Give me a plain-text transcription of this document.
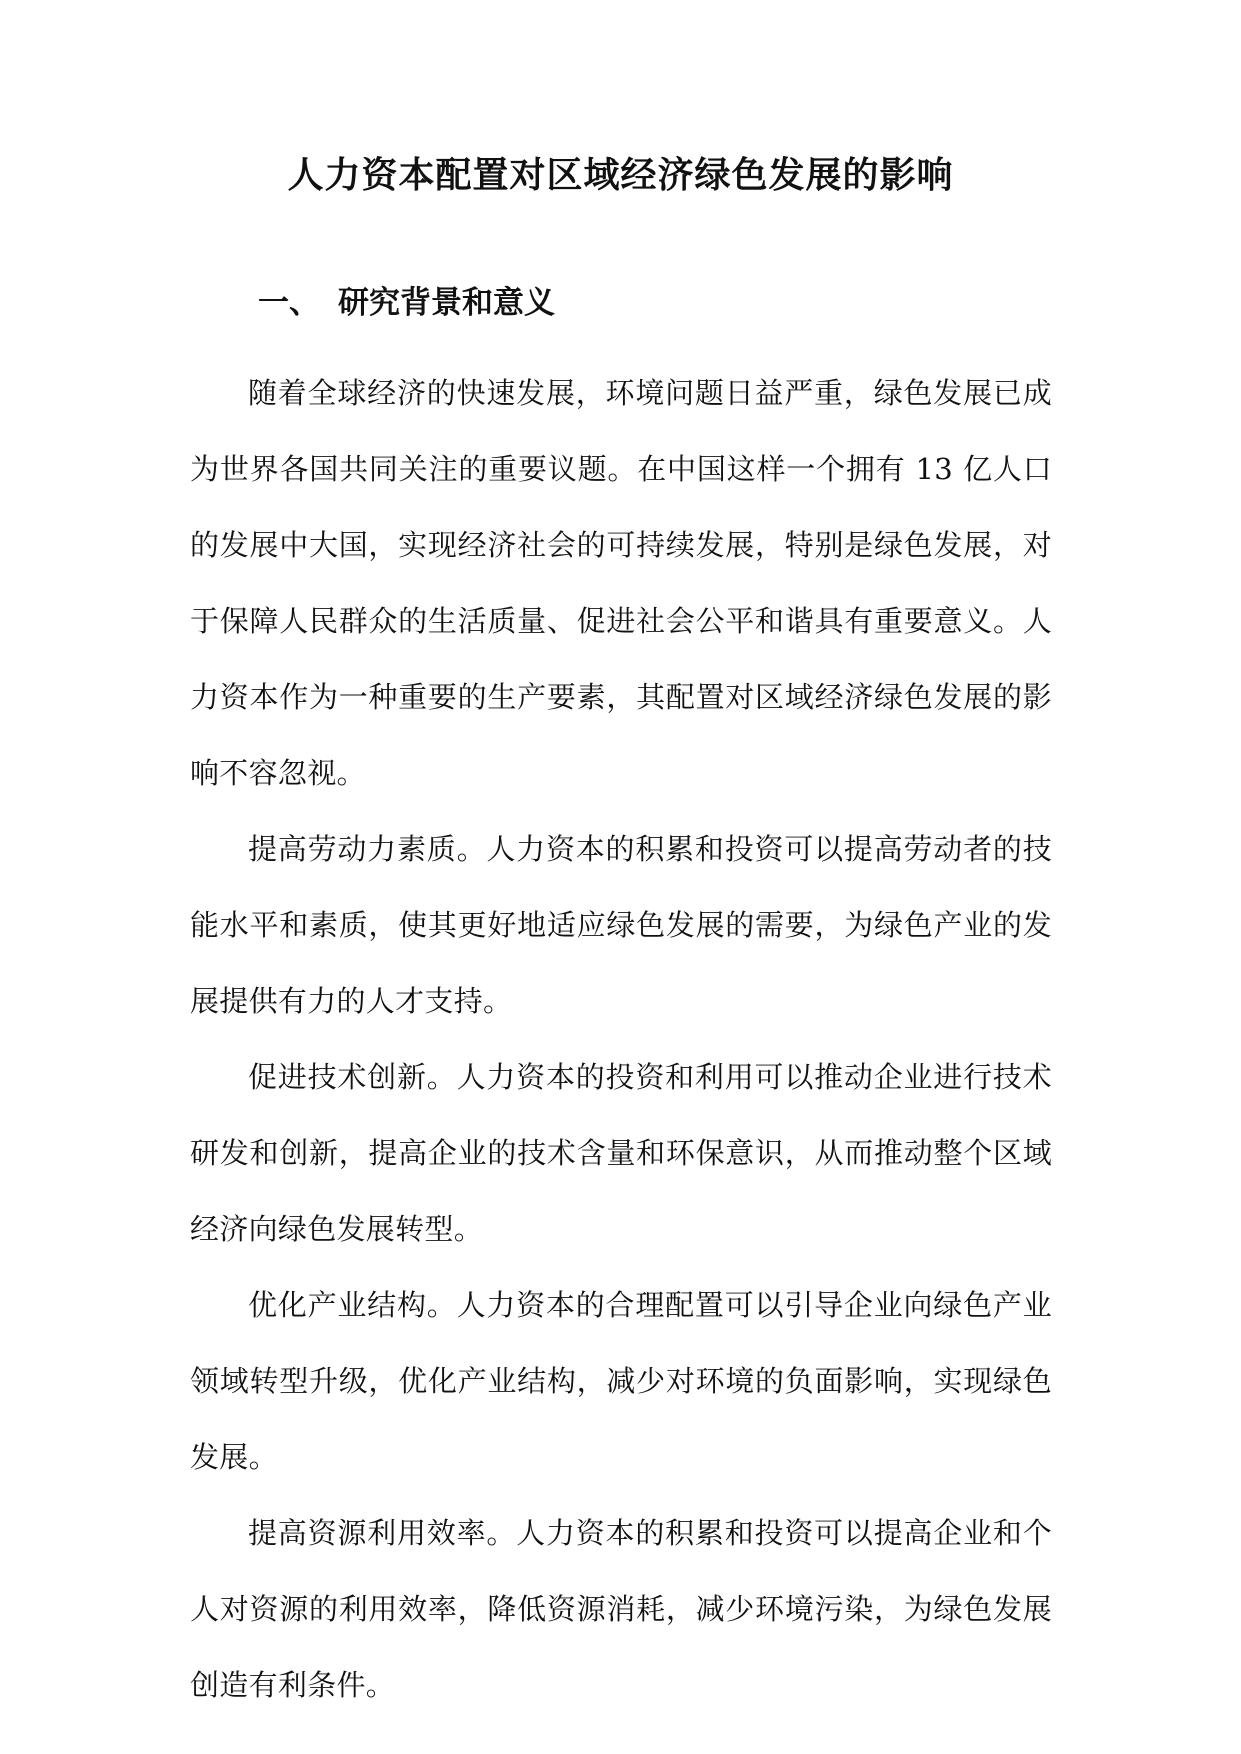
人力资本配置对区域经济绿色发展的影响
一、 研究背景和意义

随着全球经济的快速发展，环境问题日益严重，绿色发展已成为世界各国共同关注的重要议题。在中国这样一个拥有 13 亿人口的发展中大国，实现经济社会的可持续发展，特别是绿色发展，对于保障人民群众的生活质量、促进社会公平和谐具有重要意义。人力资本作为一种重要的生产要素，其配置对区域经济绿色发展的影响不容忽视。

提高劳动力素质。人力资本的积累和投资可以提高劳动者的技能水平和素质，使其更好地适应绿色发展的需要，为绿色产业的发展提供有力的人才支持。

促进技术创新。人力资本的投资和利用可以推动企业进行技术研发和创新，提高企业的技术含量和环保意识，从而推动整个区域经济向绿色发展转型。

优化产业结构。人力资本的合理配置可以引导企业向绿色产业领域转型升级，优化产业结构，减少对环境的负面影响，实现绿色发展。

提高资源利用效率。人力资本的积累和投资可以提高企业和个人对资源的利用效率，降低资源消耗，减少环境污染，为绿色发展创造有利条件。
